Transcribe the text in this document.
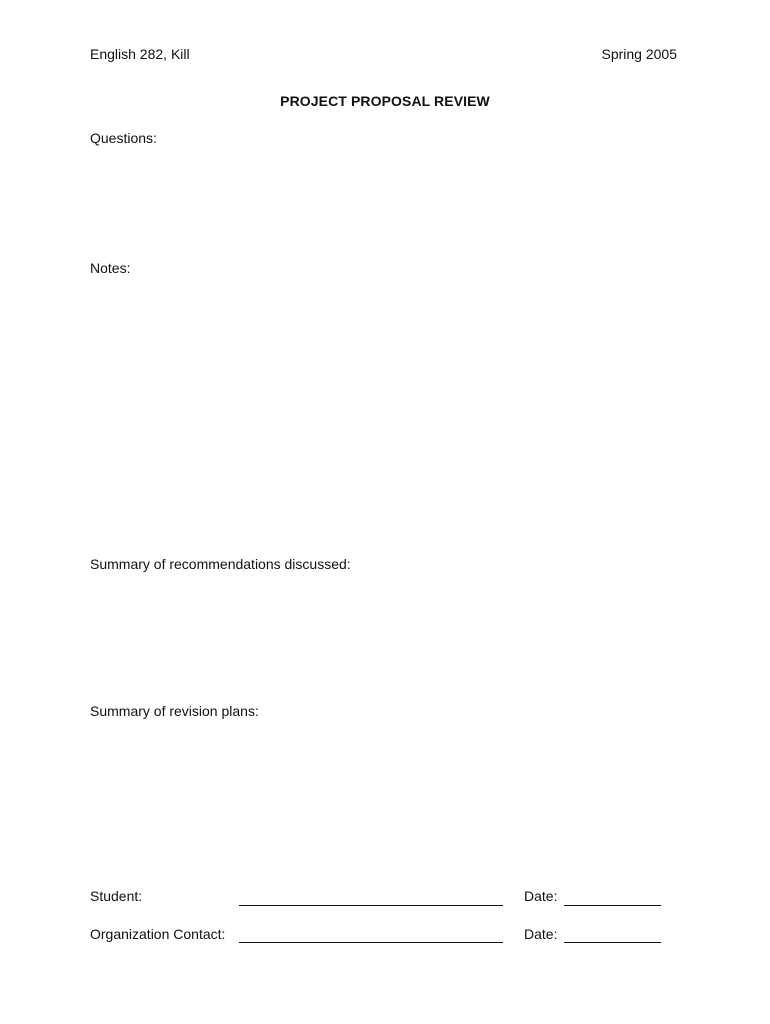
English 282, Kill	Spring 2005
PROJECT PROPOSAL REVIEW
Questions:
Notes:
Summary of recommendations discussed:
Summary of revision plans:
Student:	Date:
Organization Contact:	Date:
